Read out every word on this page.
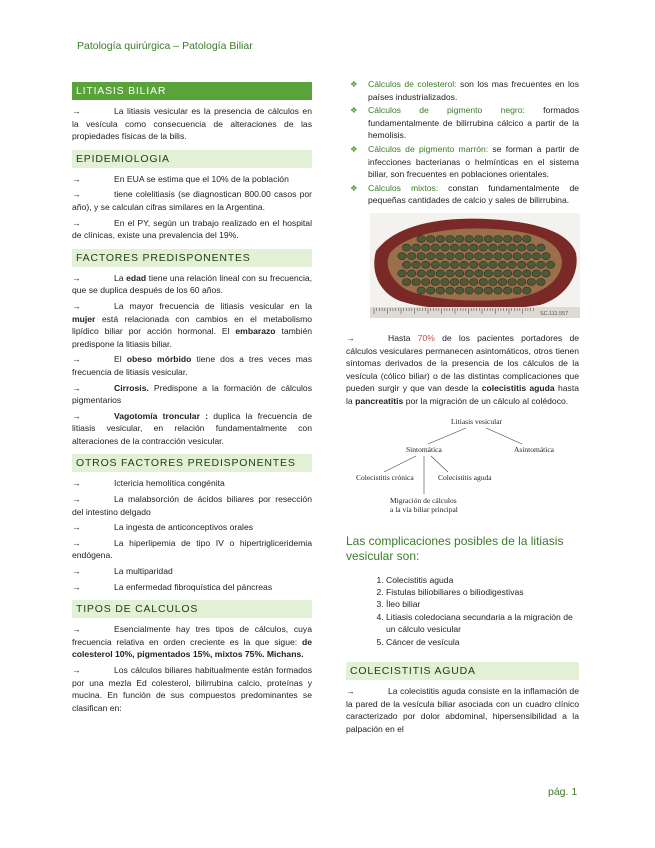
Patología quirúrgica – Patología Biliar
LITIASIS BILIAR

→	La litiasis vesicular es la presencia de cálculos en la vesícula como consecuencia de alteraciones de las propiedades físicas de la bilis.

EPIDEMIOLOGIA

→	En EUA se estima que el 10% de la población

→	tiene colelitiasis (se diagnostican 800.00 casos por año), y se calculan cifras similares en la Argentina.

→	En el PY, según un trabajo realizado en el hospital de clínicas, existe una prevalencia del 19%.

FACTORES PREDISPONENTES

→	La edad tiene una relación lineal con su frecuencia, que se duplica después de los 60 años.

→	La mayor frecuencia de litiasis vesicular en la mujer está relacionada con cambios en el metabolismo lipídico biliar por acción hormonal. El embarazo también predispone la litiasis biliar.

→	El obeso mórbido tiene dos a tres veces mas frecuencia de litiasis vesicular.

→	Cirrosis. Predispone a la formación de cálculos pigmentarios

→	Vagotomía troncular : duplica la frecuencia de litiasis vesicular, en relación fundamentalmente con alteraciones de la contracción vesicular.

OTROS FACTORES PREDISPONENTES

→	Ictericia hemolítica congénita

→	La malabsorción de ácidos biliares por resección del intestino delgado

→	La ingesta de anticonceptivos orales

→	La hiperlipemia de tipo IV o hipertrigliceridemia endógena.

→	La multiparidad

→	La enfermedad fibroquística del páncreas

TIPOS DE CALCULOS

→	Esencialmente hay tres tipos de cálculos, cuya frecuencia relativa en orden creciente es la que sigue: de colesterol 10%, pigmentados 15%, mixtos 75%. Michans.

→	Los cálculos biliares habitualmente están formados por una mezla Ed colesterol, bilirrubina calcio, proteínas y mucina. En función de sus compuestos predominantes se clasifican en:

❖ Cálculos de colesterol: son los mas frecuentes en los países industrializados.
❖ Cálculos de pigmento negro: formados fundamentalmente de bilirrubina cálcico a partir de la hemolisis.
❖ Cálculos de pigmento marrón: se forman a partir de infecciones bacterianas o helmínticas en el sistema biliar, son frecuentes en poblaciones orientales.
❖ Cálculos mixtos: constan fundamentalmente de pequeñas cantidades de calcio y sales de bilirrubina.
SC.111.557

→	Hasta 70% de los pacientes portadores de cálculos vesiculares permanecen asintomáticos, otros tienen síntomas derivados de la presencia de los cálculos de la vesícula (cólico biliar) o de las distintas complicaciones que pueden surgir y que van desde la colecistitis aguda hasta la pancreatitis por la migración de un cálculo al colédoco.

Litiasis vesicular
Sintomática	Asintomática
Colecistitis crónica	Colecistitis aguda
Migración de cálculos
a la vía biliar principal
Las complicaciones posibles de la litiasis vesicular son:
1. Colecistitis aguda
2. Fistulas biliobiliares o biliodigestivas
3. Íleo biliar
4. Litiasis coledociana secundaria a la migración de un cálculo vesicular
5. Cáncer de vesícula
COLECISTITIS AGUDA

→	La colecistitis aguda consiste en la inflamación de la pared de la vesícula biliar asociada con un cuadro clínico caracterizado por dolor abdominal, hipersensibilidad a la palpación en el

pág. 1
